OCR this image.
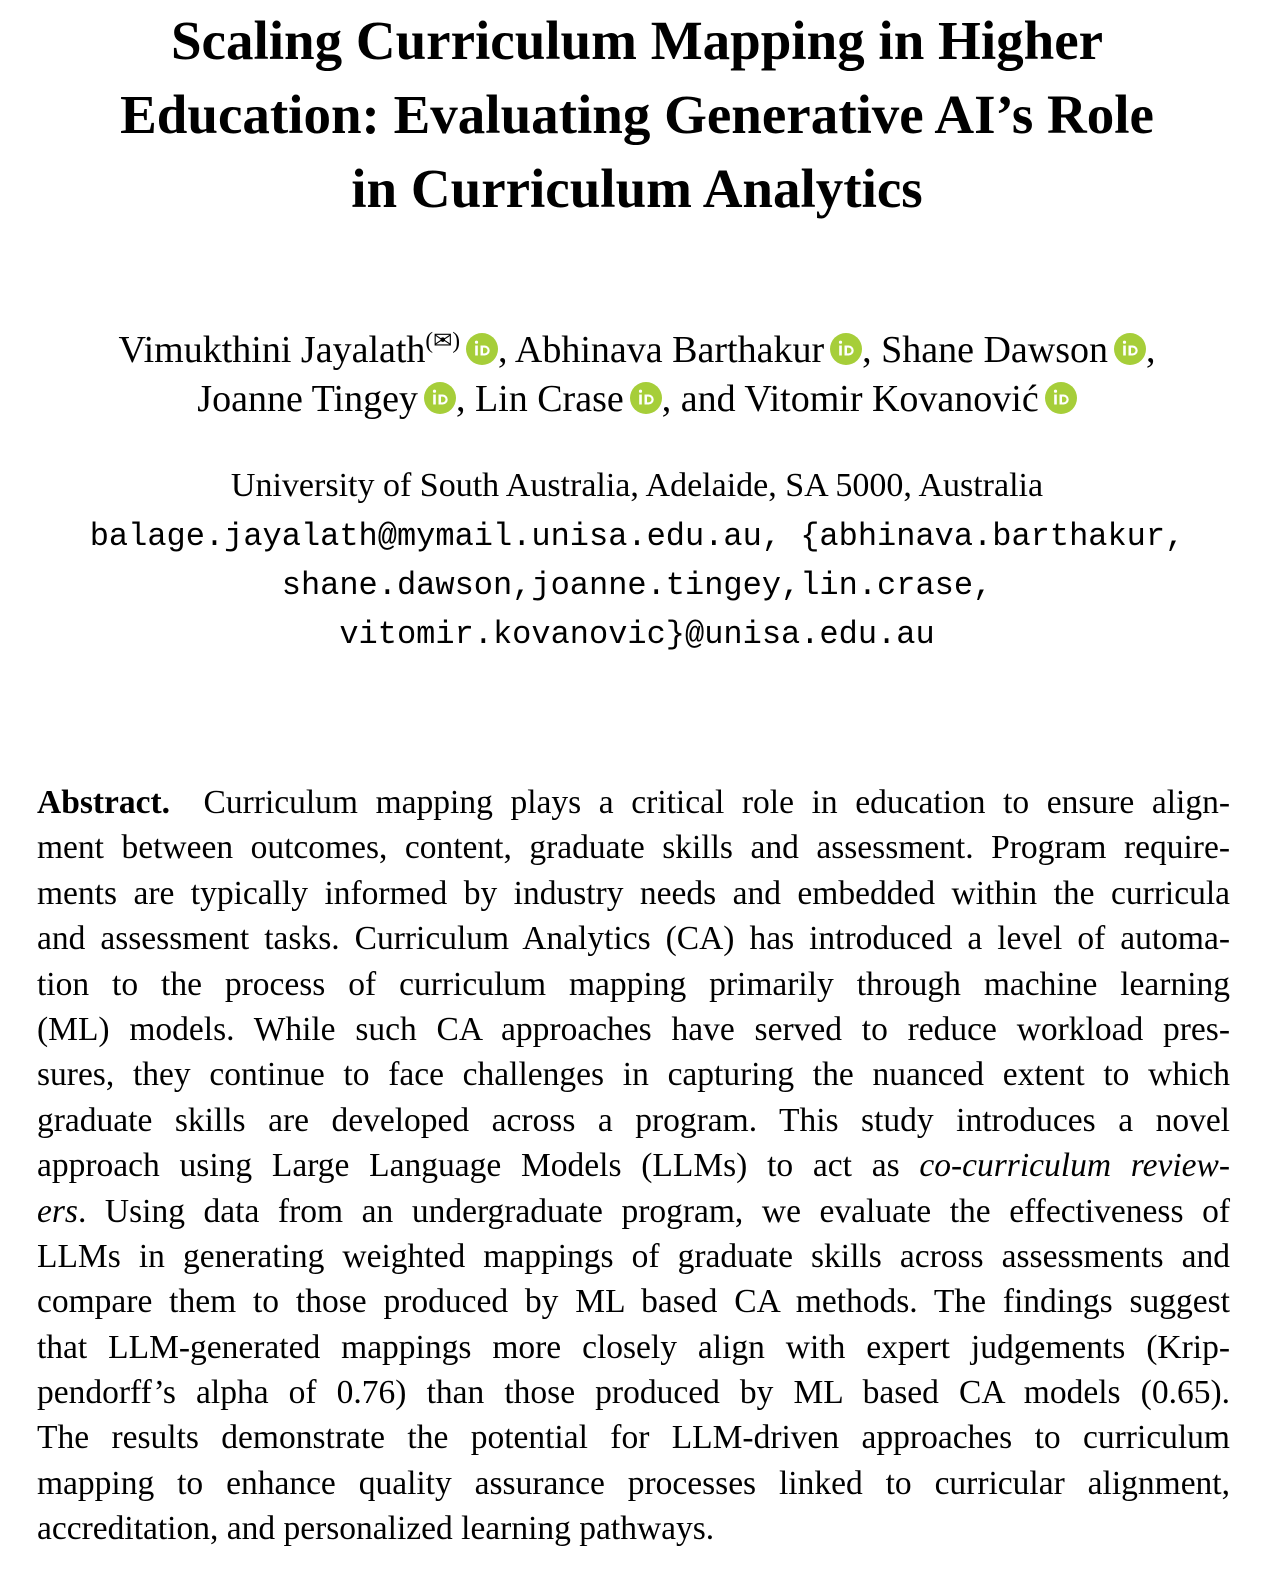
Scaling Curriculum Mapping in Higher
Education: Evaluating Generative AI’s Role
in Curriculum Analytics
Vimukthini Jayalath(✉) , Abhinava Barthakur , Shane Dawson ,
Joanne Tingey , Lin Crase , and Vitomir Kovanović
University of South Australia, Adelaide, SA 5000, Australia
balage.jayalath@mymail.unisa.edu.au, {abhinava.barthakur,
shane.dawson,joanne.tingey,lin.crase,
vitomir.kovanovic}@unisa.edu.au
Abstract.  Curriculum mapping plays a critical role in education to ensure align-
ment between outcomes, content, graduate skills and assessment. Program require-
ments are typically informed by industry needs and embedded within the curricula
and assessment tasks. Curriculum Analytics (CA) has introduced a level of automa-
tion to the process of curriculum mapping primarily through machine learning
(ML) models. While such CA approaches have served to reduce workload pres-
sures, they continue to face challenges in capturing the nuanced extent to which
graduate skills are developed across a program. This study introduces a novel
approach using Large Language Models (LLMs) to act as co-curriculum review-
ers. Using data from an undergraduate program, we evaluate the effectiveness of
LLMs in generating weighted mappings of graduate skills across assessments and
compare them to those produced by ML based CA methods. The findings suggest
that LLM-generated mappings more closely align with expert judgements (Krip-
pendorff’s alpha of 0.76) than those produced by ML based CA models (0.65).
The results demonstrate the potential for LLM-driven approaches to curriculum
mapping to enhance quality assurance processes linked to curricular alignment,
accreditation, and personalized learning pathways.
